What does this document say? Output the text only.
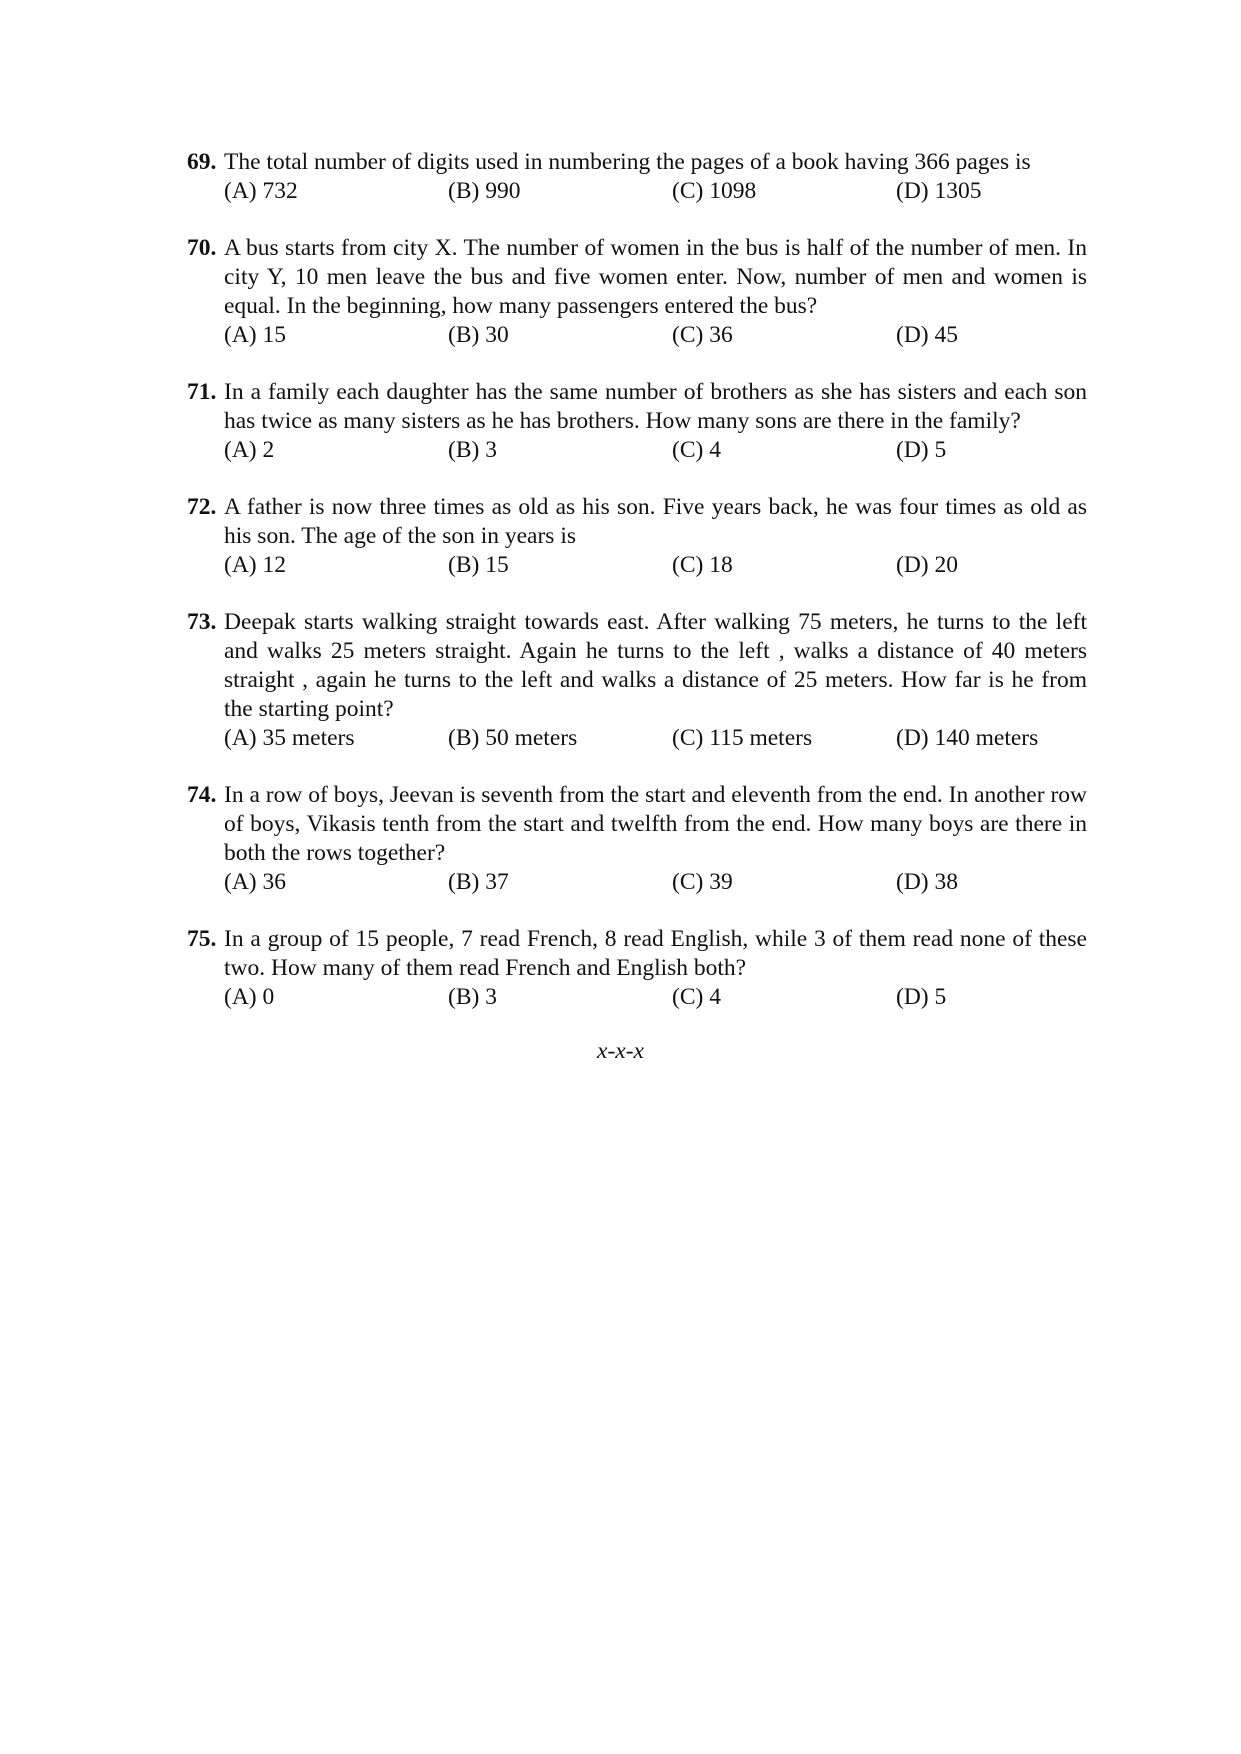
69. The total number of digits used in numbering the pages of a book having 366 pages is
(A) 732	(B) 990	(C) 1098	(D) 1305
70. A bus starts from city X. The number of women in the bus is half of the number of men. In city Y, 10 men leave the bus and five women enter. Now, number of men and women is equal. In the beginning, how many passengers entered the bus?
(A) 15	(B) 30	(C) 36	(D) 45
71. In a family each daughter has the same number of brothers as she has sisters and each son has twice as many sisters as he has brothers. How many sons are there in the family?
(A) 2	(B) 3	(C) 4	(D) 5
72. A father is now three times as old as his son. Five years back, he was four times as old as his son. The age of the son in years is
(A) 12	(B) 15	(C) 18	(D) 20
73. Deepak starts walking straight towards east. After walking 75 meters, he turns to the left and walks 25 meters straight. Again he turns to the left , walks a distance of 40 meters straight , again he turns to the left and walks a distance of 25 meters. How far is he from the starting point?
(A) 35 meters	(B) 50 meters	(C) 115 meters	(D) 140 meters
74. In a row of boys, Jeevan is seventh from the start and eleventh from the end. In another row of boys, Vikasis tenth from the start and twelfth from the end. How many boys are there in both the rows together?
(A) 36	(B) 37	(C) 39	(D) 38
75. In a group of 15 people, 7 read French, 8 read English, while 3 of them read none of these two. How many of them read French and English both?
(A) 0	(B) 3	(C) 4	(D) 5
x-x-x
